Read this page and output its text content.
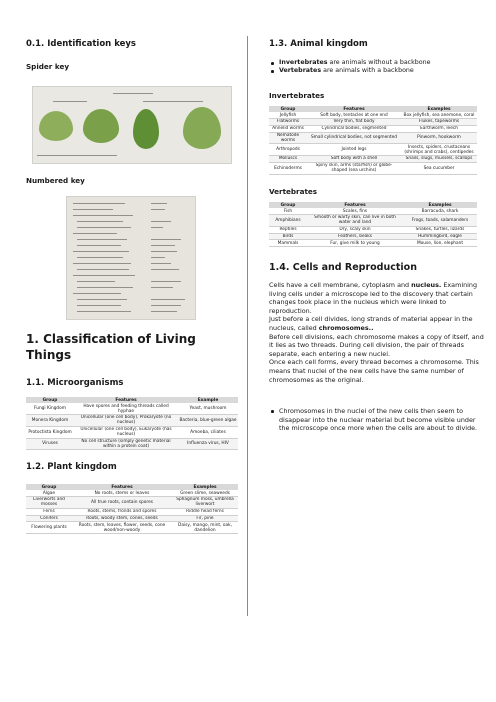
0.1. Identification keys
Spider key
Numbered key
1. Classification of Living Things
1.1. Microorganisms
Group	Features	Example
Fungi Kingdom	Have spores and feeding threads called hyphae	Yeast, mushroom
Monera Kingdom	Unicellular (one cell body), Prokaryote (no nucleus)	Bacteria, blue-green algae
Protoctista Kingdom	Unicellular (one cell body), Eukaryote (has nucleus)	Amoeba, ciliates
Viruses	No cell structure (simply genetic material within a protein coat)	Influenza virus, HIV
1.2. Plant kingdom
Group	Features	Examples
Algae	No roots, stems or leaves	Green slime, seaweeds
Liverworts and mosses	All true roots, contain spores	Sphagnum moss, umbrella liverwort
Ferns	Roots, stems, fronds and spores	Riddle head ferns
Conifers	Roots, woody stem, cones, seeds	Fir, pine
Flowering plants	Roots, stem, leaves, flower, seeds, cone wood/non-woody	Daisy, mango, mint, oak, dandelion
1.3. Animal kingdom
Invertebrates are animals without a backbone
Vertebrates are animals with a backbone
Invertebrates
Group	Features	Examples
Jellyfish	Soft body, tentacles at one end	Box jellyfish, sea anemone, coral
Flatworms	Very thin, flat body	Flukes, tapeworms
Annelid worms	Cylindrical bodies, segmented	Earthworm, leech
Nematode worms	Small cylindrical bodies, not segmented	Pinworm, hookworm
Arthropods	Jointed legs	Insects, spiders, crustaceans (shrimps and crabs), centipedes
Molluscs	Soft body with a shell	Snails, slugs, mussels, scallops
Echinoderms	Spiny skin, arms (starfish) or globe-shaped (sea urchins)	Sea cucumber
Vertebrates
Group	Features	Examples
Fish	Scales, fins	Barracuda, shark
Amphibians	Smooth or warty skin, can live in both water and land	Frogs, toads, salamanders
Reptiles	Dry, scaly skin	Snakes, turtles, lizards
Birds	Feathers, beaks	Hummingbird, eagle
Mammals	Fur, give milk to young	Mouse, lion, elephant
1.4. Cells and Reproduction
Cells have a cell membrane, cytoplasm and nucleus. Examining living cells under a microscope led to the discovery that certain changes took place in the nucleus which were linked to reproduction.
Just before a cell divides, long strands of material appear in the nucleus, called chromosomes..
Before cell divisions, each chromosome makes a copy of itself, and it lies as two threads. During cell division, the pair of threads separate, each entering a new nuclei.
Once each cell forms, every thread becomes a chromosome. This means that nuclei of the new cells have the same number of chromosomes as the original.
Chromosomes in the nuclei of the new cells then seem to disappear into the nuclear material but become visible under the microscope once more when the cells are about to divide.
